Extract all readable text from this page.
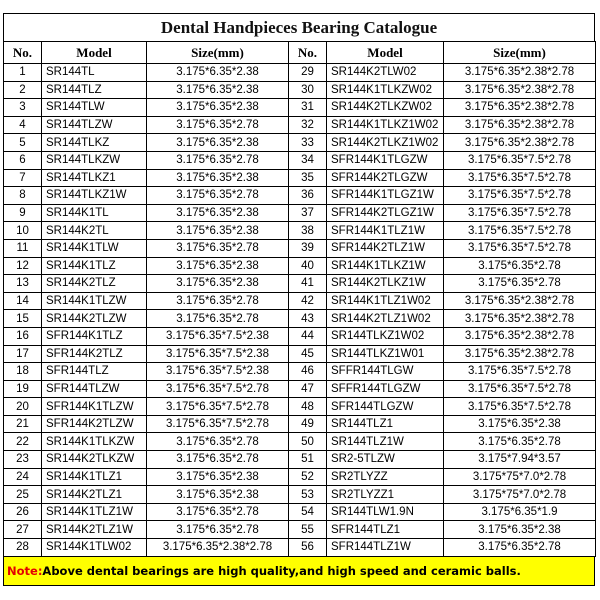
Dental Handpieces Bearing Catalogue
No.	Model	Size(mm)	No.	Model	Size(mm)
1	SR144TL	3.175*6.35*2.38	29	SR144K2TLW02	3.175*6.35*2.38*2.78
2	SR144TLZ	3.175*6.35*2.38	30	SR144K1TLKZW02	3.175*6.35*2.38*2.78
3	SR144TLW	3.175*6.35*2.38	31	SR144K2TLKZW02	3.175*6.35*2.38*2.78
4	SR144TLZW	3.175*6.35*2.78	32	SR144K1TLKZ1W02	3.175*6.35*2.38*2.78
5	SR144TLKZ	3.175*6.35*2.38	33	SR144K2TLKZ1W02	3.175*6.35*2.38*2.78
6	SR144TLKZW	3.175*6.35*2.78	34	SFR144K1TLGZW	3.175*6.35*7.5*2.78
7	SR144TLKZ1	3.175*6.35*2.38	35	SFR144K2TLGZW	3.175*6.35*7.5*2.78
8	SR144TLKZ1W	3.175*6.35*2.78	36	SFR144K1TLGZ1W	3.175*6.35*7.5*2.78
9	SR144K1TL	3.175*6.35*2.38	37	SFR144K2TLGZ1W	3.175*6.35*7.5*2.78
10	SR144K2TL	3.175*6.35*2.38	38	SFR144K1TLZ1W	3.175*6.35*7.5*2.78
11	SR144K1TLW	3.175*6.35*2.78	39	SFR144K2TLZ1W	3.175*6.35*7.5*2.78
12	SR144K1TLZ	3.175*6.35*2.38	40	SR144K1TLKZ1W	3.175*6.35*2.78
13	SR144K2TLZ	3.175*6.35*2.38	41	SR144K2TLKZ1W	3.175*6.35*2.78
14	SR144K1TLZW	3.175*6.35*2.78	42	SR144K1TLZ1W02	3.175*6.35*2.38*2.78
15	SR144K2TLZW	3.175*6.35*2.78	43	SR144K2TLZ1W02	3.175*6.35*2.38*2.78
16	SFR144K1TLZ	3.175*6.35*7.5*2.38	44	SR144TLKZ1W02	3.175*6.35*2.38*2.78
17	SFR144K2TLZ	3.175*6.35*7.5*2.38	45	SR144TLKZ1W01	3.175*6.35*2.38*2.78
18	SFR144TLZ	3.175*6.35*7.5*2.38	46	SFFR144TLGW	3.175*6.35*7.5*2.78
19	SFR144TLZW	3.175*6.35*7.5*2.78	47	SFFR144TLGZW	3.175*6.35*7.5*2.78
20	SFR144K1TLZW	3.175*6.35*7.5*2.78	48	SFR144TLGZW	3.175*6.35*7.5*2.78
21	SFR144K2TLZW	3.175*6.35*7.5*2.78	49	SR144TLZ1	3.175*6.35*2.38
22	SR144K1TLKZW	3.175*6.35*2.78	50	SR144TLZ1W	3.175*6.35*2.78
23	SR144K2TLKZW	3.175*6.35*2.78	51	SR2-5TLZW	3.175*7.94*3.57
24	SR144K1TLZ1	3.175*6.35*2.38	52	SR2TLYZZ	3.175*75*7.0*2.78
25	SR144K2TLZ1	3.175*6.35*2.38	53	SR2TLYZZ1	3.175*75*7.0*2.78
26	SR144K1TLZ1W	3.175*6.35*2.78	54	SR144TLW1.9N	3.175*6.35*1.9
27	SR144K2TLZ1W	3.175*6.35*2.78	55	SFR144TLZ1	3.175*6.35*2.38
28	SR144K1TLW02	3.175*6.35*2.38*2.78	56	SFR144TLZ1W	3.175*6.35*2.78
Note:Above dental bearings are high quality,and high speed and ceramic balls.
